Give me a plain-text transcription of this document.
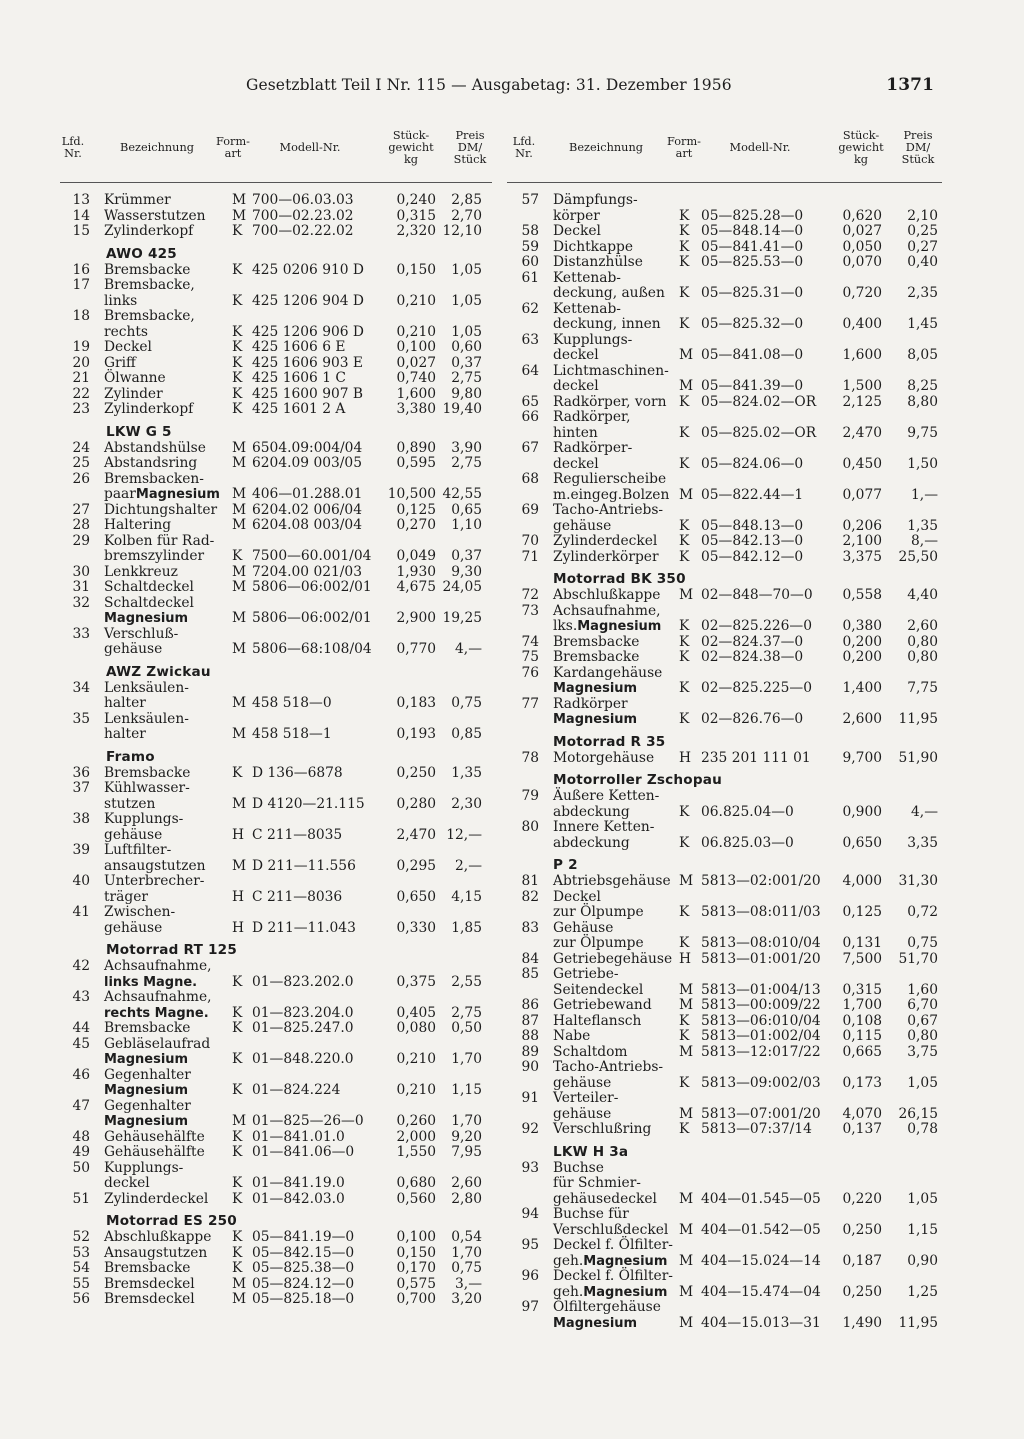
Gesetzblatt Teil I Nr. 115 — Ausgabetag: 31. Dezember 1956	1371
Lfd.
Nr.	Bezeichnung	Form-
art	Modell-Nr.
Stück-
gewicht
kg
Preis
DM/
Stück
13	Krümmer	M 700—06.03.03	0,240	2,85
14	Wasserstutzen	M 700—02.23.02	0,315	2,70
15	Zylinderkopf	K 700—02.22.02	2,320 12,10
AWO 425
16	Bremsbacke	K 425 0206 910 D	0,150	1,05
17	Bremsbacke,
links	K 425 1206 904 D	0,210	1,05
18	Bremsbacke,
rechts	K 425 1206 906 D	0,210	1,05
19	Deckel	K 425 1606 6 E	0,100	0,60
20	Griff	K 425 1606 903 E	0,027	0,37
21	Ölwanne	K 425 1606 1 C	0,740	2,75
22	Zylinder	K 425 1600 907 B	1,600	9,80
23	Zylinderkopf	K 425 1601 2 A	3,380 19,40
LKW G 5
24	Abstandshülse	M 6504.09:004/04	0,890	3,90
25	Abstandsring	M 6204.09 003/05	0,595	2,75
26	Bremsbacken-
paarMagnesium M 406—01.288.01	10,500 42,55
27	Dichtungshalter	M 6204.02 006/04	0,125	0,65
28	Haltering	M 6204.08 003/04	0,270	1,10
29	Kolben für Rad-
bremszylinder	K 7500—60.001/04	0,049	0,37
30	Lenkkreuz	M 7204.00 021/03	1,930	9,30
31	Schaltdeckel	M 5806—06:002/01	4,675 24,05
32	Schaltdeckel
Magnesium	M 5806—06:002/01	2,900 19,25
33	Verschluß-
gehäuse	M 5806—68:108/04	0,770	4,—
AWZ Zwickau
34	Lenksäulen-
halter	M 458 518—0	0,183	0,75
35	Lenksäulen-
halter	M 458 518—1	0,193	0,85
Framo
36	Bremsbacke	K D 136—6878	0,250	1,35
37	Kühlwasser-
stutzen	M D 4120—21.115	0,280	2,30
38	Kupplungs-
gehäuse	H C 211—8035	2,470 12,—
39	Luftfilter-
ansaugstutzen	M D 211—11.556	0,295	2,—
40	Unterbrecher-
träger	H C 211—8036	0,650	4,15
41	Zwischen-
gehäuse	H D 211—11.043	0,330	1,85
Motorrad RT 125
42	Achsaufnahme,
links Magne.	K 01—823.202.0	0,375	2,55
43	Achsaufnahme,
rechts Magne.	K 01—823.204.0	0,405	2,75
44	Bremsbacke	K 01—825.247.0	0,080	0,50
45	Gebläselaufrad
Magnesium	K 01—848.220.0	0,210	1,70
46	Gegenhalter
Magnesium	K 01—824.224	0,210	1,15
47	Gegenhalter
Magnesium	M 01—825—26—0	0,260	1,70
48	Gehäusehälfte	K 01—841.01.0	2,000	9,20
49	Gehäusehälfte	K 01—841.06—0	1,550	7,95
50	Kupplungs-
deckel	K 01—841.19.0	0,680	2,60
51	Zylinderdeckel	K 01—842.03.0	0,560	2,80
Motorrad ES 250
52	Abschlußkappe	K 05—841.19—0	0,100	0,54
53	Ansaugstutzen	K 05—842.15—0	0,150	1,70
54	Bremsbacke	K 05—825.38—0	0,170	0,75
55	Bremsdeckel	M 05—824.12—0	0,575	3,—
56	Bremsdeckel	M 05—825.18—0	0,700	3,20
Lfd.
Nr.	Bezeichnung	Form-
art	Modell-Nr.
Stück-
gewicht
kg
Preis
DM/
Stück
57	Dämpfungs-
körper	K 05—825.28—0	0,620	2,10
58	Deckel	K 05—848.14—0	0,027	0,25
59	Dichtkappe	K 05—841.41—0	0,050	0,27
60	Distanzhülse	K 05—825.53—0	0,070	0,40
61	Kettenab-
deckung, außen	K 05—825.31—0	0,720	2,35
62	Kettenab-
deckung, innen	K 05—825.32—0	0,400	1,45
63	Kupplungs-
deckel	M 05—841.08—0	1,600	8,05
64	Lichtmaschinen-
deckel	M 05—841.39—0	1,500	8,25
65	Radkörper, vorn K 05—824.02—OR	2,125	8,80
66	Radkörper,
hinten	K 05—825.02—OR	2,470	9,75
67	Radkörper-
deckel	K 05—824.06—0	0,450	1,50
68	Regulierscheibe
m.eingeg.Bolzen M 05—822.44—1	0,077	1,—
69	Tacho-Antriebs-
gehäuse	K 05—848.13—0	0,206	1,35
70	Zylinderdeckel	K 05—842.13—0	2,100	8,—
71	Zylinderkörper	K 05—842.12—0	3,375	25,50
Motorrad BK 350
72	Abschlußkappe	M 02—848—70—0	0,558	4,40
73	Achsaufnahme,
lks.Magnesium	K 02—825.226—0	0,380	2,60
74	Bremsbacke	K 02—824.37—0	0,200	0,80
75	Bremsbacke	K 02—824.38—0	0,200	0,80
76	Kardangehäuse
Magnesium	K 02—825.225—0	1,400	7,75
77	Radkörper
Magnesium	K 02—826.76—0	2,600	11,95
Motorrad R 35
78	Motorgehäuse	H 235 201 111 01	9,700	51,90
Motorroller Zschopau
79	Äußere Ketten-
abdeckung	K 06.825.04—0	0,900	4,—
80	Innere Ketten-
abdeckung	K 06.825.03—0	0,650	3,35
P 2
81	Abtriebsgehäuse M 5813—02:001/20	4,000	31,30
82	Deckel
zur Ölpumpe	K 5813—08:011/03	0,125	0,72
83	Gehäuse
zur Ölpumpe	K 5813—08:010/04	0,131	0,75
84	Getriebegehäuse H 5813—01:001/20	7,500	51,70
85	Getriebe-
Seitendeckel	M 5813—01:004/13	0,315	1,60
86	Getriebewand	M 5813—00:009/22	1,700	6,70
87	Halteflansch	K 5813—06:010/04	0,108	0,67
88	Nabe	K 5813—01:002/04	0,115	0,80
89	Schaltdom	M 5813—12:017/22	0,665	3,75
90	Tacho-Antriebs-
gehäuse	K 5813—09:002/03	0,173	1,05
91	Verteiler-
gehäuse	M 5813—07:001/20	4,070	26,15
92	Verschlußring	K 5813—07:37/14	0,137	0,78
LKW H 3a
93	Buchse
für Schmier-
gehäusedeckel	M 404—01.545—05	0,220	1,05
94	Buchse für
Verschlußdeckel M 404—01.542—05	0,250	1,15
95	Deckel f. Ölfilter-
geh.Magnesium M 404—15.024—14	0,187	0,90
96	Deckel f. Ölfilter-
geh.Magnesium M 404—15.474—04	0,250	1,25
97	Ölfiltergehäuse
Magnesium	M 404—15.013—31	1,490	11,95
